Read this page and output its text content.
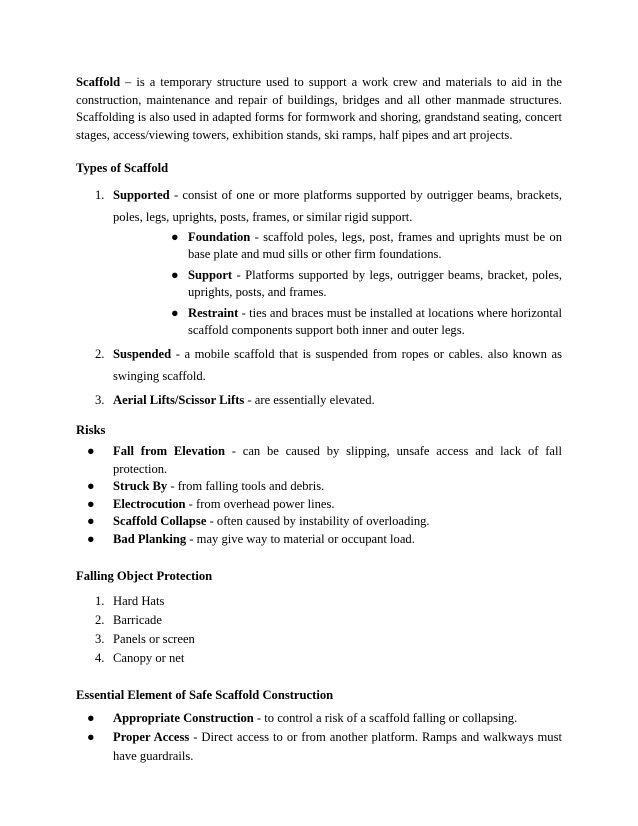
Scaffold – is a temporary structure used to support a work crew and materials to aid in the construction, maintenance and repair of buildings, bridges and all other manmade structures. Scaffolding is also used in adapted forms for formwork and shoring, grandstand seating, concert stages, access/viewing towers, exhibition stands, ski ramps, half pipes and art projects.

Types of Scaffold

1. Supported - consist of one or more platforms supported by outrigger beams, brackets, poles, legs, uprights, posts, frames, or similar rigid support.
● Foundation - scaffold poles, legs, post, frames and uprights must be on base plate and mud sills or other firm foundations.
● Support - Platforms supported by legs, outrigger beams, bracket, poles, uprights, posts, and frames.
● Restraint - ties and braces must be installed at locations where horizontal scaffold components support both inner and outer legs.
2. Suspended - a mobile scaffold that is suspended from ropes or cables. also known as swinging scaffold.
3. Aerial Lifts/Scissor Lifts - are essentially elevated.

Risks

● Fall from Elevation - can be caused by slipping, unsafe access and lack of fall protection.
● Struck By - from falling tools and debris.
● Electrocution - from overhead power lines.
● Scaffold Collapse - often caused by instability of overloading.
● Bad Planking - may give way to material or occupant load.

Falling Object Protection

1. Hard Hats
2. Barricade
3. Panels or screen
4. Canopy or net

Essential Element of Safe Scaffold Construction

● Appropriate Construction - to control a risk of a scaffold falling or collapsing.
● Proper Access - Direct access to or from another platform. Ramps and walkways must have guardrails.
